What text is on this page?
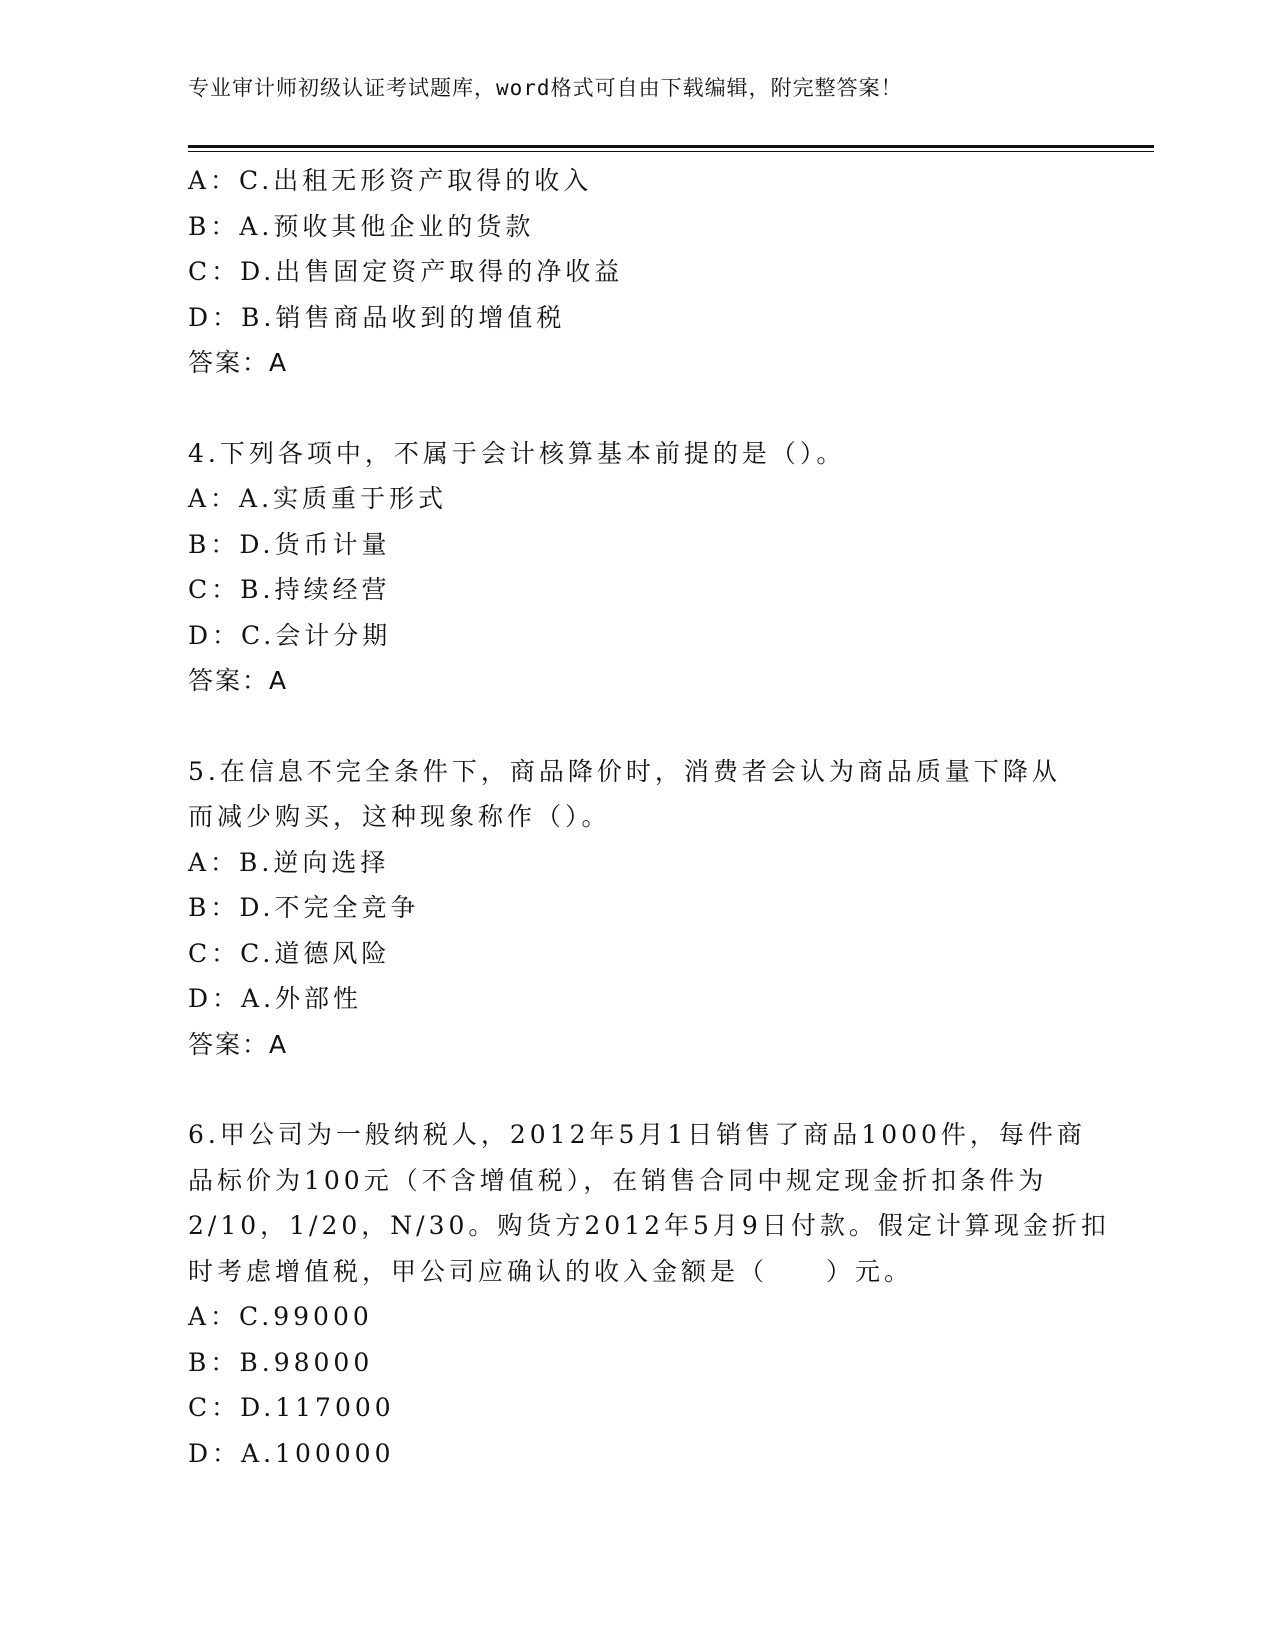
专业审计师初级认证考试题库，word格式可自由下载编辑，附完整答案！
A：C.出租无形资产取得的收入
B：A.预收其他企业的货款
C：D.出售固定资产取得的净收益
D：B.销售商品收到的增值税
答案：A
4.下列各项中，不属于会计核算基本前提的是（）。
A：A.实质重于形式
B：D.货币计量
C：B.持续经营
D：C.会计分期
答案：A
5.在信息不完全条件下，商品降价时，消费者会认为商品质量下降从
而减少购买，这种现象称作（）。
A：B.逆向选择
B：D.不完全竞争
C：C.道德风险
D：A.外部性
答案：A
6.甲公司为一般纳税人，2012年5月1日销售了商品1000件，每件商
品标价为100元（不含增值税），在销售合同中规定现金折扣条件为
2/10，1/20，N/30。购货方2012年5月9日付款。假定计算现金折扣
时考虑增值税，甲公司应确认的收入金额是（　　）元。
A：C.99000
B：B.98000
C：D.117000
D：A.100000
